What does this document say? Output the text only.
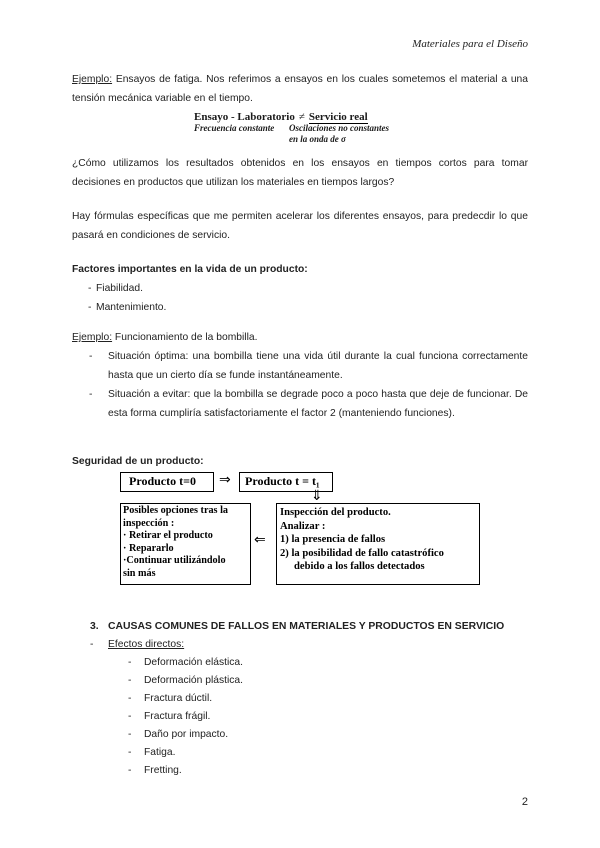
Materiales para el Diseño
Ejemplo: Ensayos de fatiga. Nos referimos a ensayos en los cuales sometemos el material a una tensión mecánica variable en el tiempo.
Ensayo - Laboratorio ≠ Servicio real
Frecuencia constante Oscilaciones no constantes
en la onda de σ
¿Cómo utilizamos los resultados obtenidos en los ensayos en tiempos cortos para tomar decisiones en productos que utilizan los materiales en tiempos largos?
Hay fórmulas específicas que me permiten acelerar los diferentes ensayos, para predecdir lo que pasará en condiciones de servicio.
Factores importantes en la vida de un producto:
- Fiabilidad.
- Mantenimiento.
Ejemplo: Funcionamiento de la bombilla.
- Situación óptima: una bombilla tiene una vida útil durante la cual funciona correctamente hasta que un cierto día se funde instantáneamente.
- Situación a evitar: que la bombilla se degrade poco a poco hasta que deje de funcionar. De esta forma cumpliría satisfactoriamente el factor 2 (manteniendo funciones).
Seguridad de un producto:
Producto t=0	⇒	Producto t = t₁
⇓
Posibles opciones tras la
inspección :
· Retirar el producto
· Repararlo
·Continuar utilizándolo
sin más
⇐
Inspección del producto.
Analizar :
1) la presencia de fallos
2) la posibilidad de fallo catastrófico
debido a los fallos detectados
3. CAUSAS COMUNES DE FALLOS EN MATERIALES Y PRODUCTOS EN SERVICIO
- Efectos directos:
- Deformación elástica.
- Deformación plástica.
- Fractura dúctil.
- Fractura frágil.
- Daño por impacto.
- Fatiga.
- Fretting.
2
